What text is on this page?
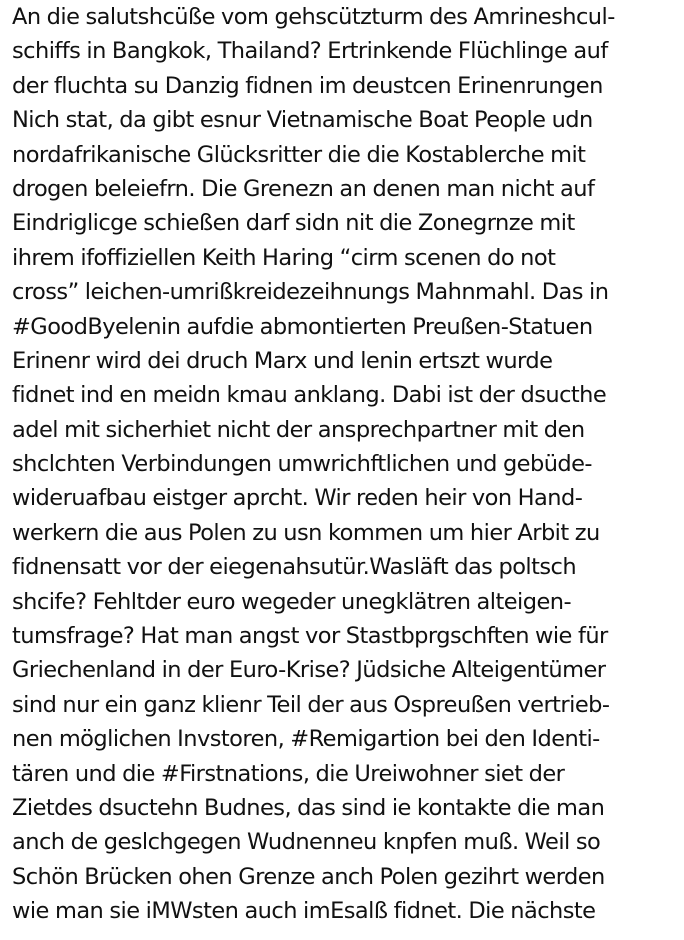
An die salutshcüße vom gehscützturm des Amrineshcul-
schiffs in Bangkok, Thailand? Ertrinkende Flüchlinge auf
der fluchta su Danzig fidnen im deustcen Erinenrungen
Nich stat, da gibt esnur Vietnamische Boat People udn
nordafrikanische Glücksritter die die Kostablerche mit
drogen beleiefrn. Die Grenezn an denen man nicht auf
Eindriglicge schießen darf sidn nit die Zonegrnze mit
ihrem ifoffiziellen Keith Haring “cirm scenen do not
cross” leichen-umrißkreidezeihnungs Mahnmahl. Das in
#GoodByelenin aufdie abmontierten Preußen-Statuen
Erinenr wird dei druch Marx und lenin ertszt wurde
fidnet ind en meidn kmau anklang. Dabi ist der dsucthe
adel mit sicherhiet nicht der ansprechpartner mit den
shclchten Verbindungen umwrichftlichen und gebüde-
wideruafbau eistger aprcht. Wir reden heir von Hand-
werkern die aus Polen zu usn kommen um hier Arbit zu
fidnensatt vor der eiegenahsutür.Wasläft das poltsch
shcife? Fehltder euro wegeder unegklätren alteigen-
tumsfrage? Hat man angst vor Stastbprgschften wie für
Griechenland in der Euro-Krise? Jüdsiche Alteigentümer
sind nur ein ganz klienr Teil der aus Ospreußen vertrieb-
nen möglichen Invstoren, #Remigartion bei den Identi-
tären und die #Firstnations, die Ureiwohner siet der
Zietdes dsuctehn Budnes, das sind ie kontakte die man
anch de geslchgegen Wudnenneu knpfen muß. Weil so
Schön Brücken ohen Grenze anch Polen gezihrt werden
wie man sie iMWsten auch imEsalß fidnet. Die nächste
